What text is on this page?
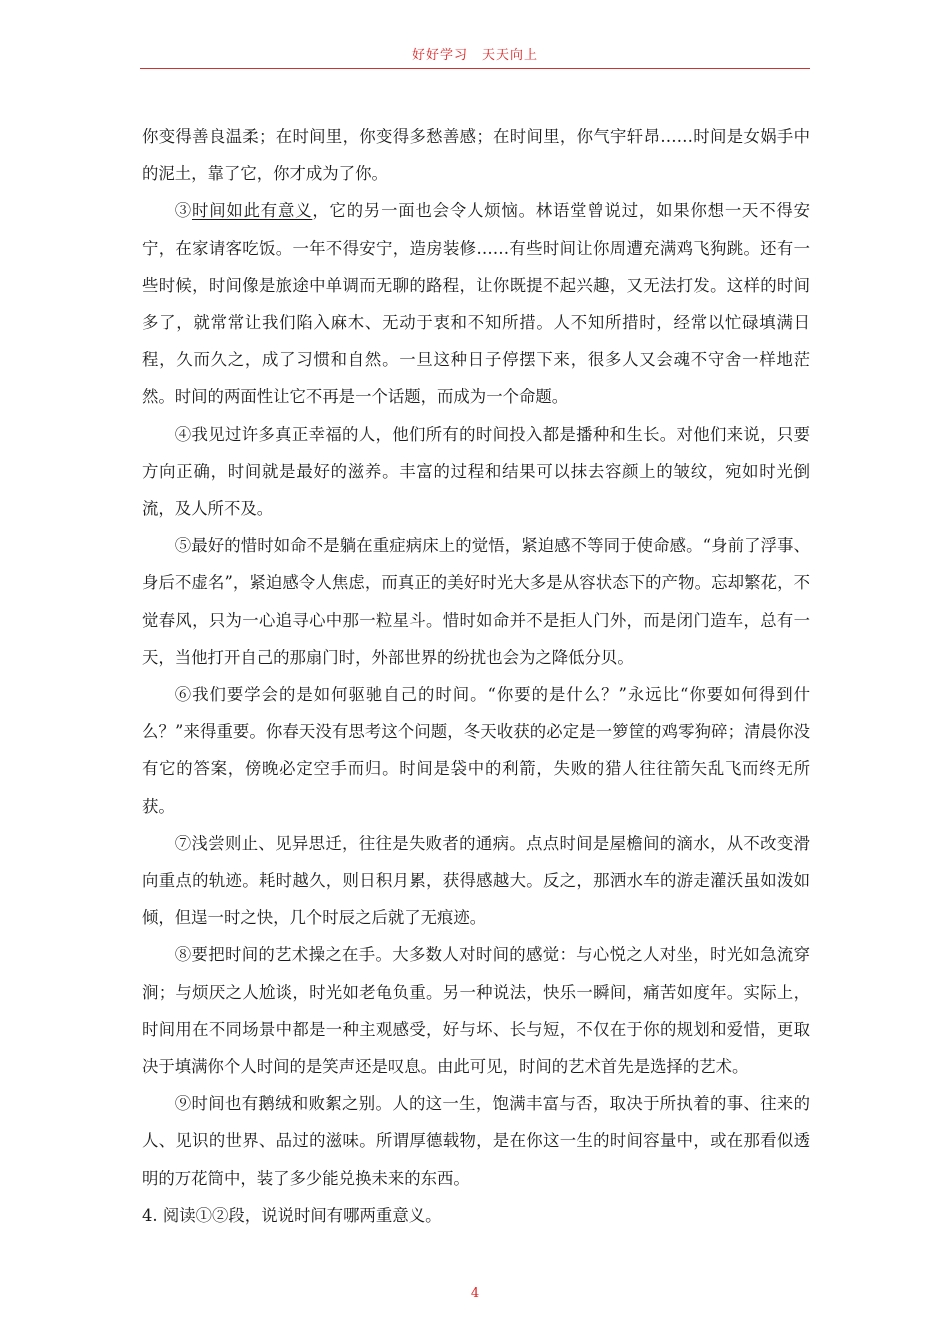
好好学习　天天向上

你变得善良温柔；在时间里，你变得多愁善感；在时间里，你气宇轩昂……时间是女娲手中的泥土，靠了它，你才成为了你。

③时间如此有意义，它的另一面也会令人烦恼。林语堂曾说过，如果你想一天不得安宁，在家请客吃饭。一年不得安宁，造房装修……有些时间让你周遭充满鸡飞狗跳。还有一些时候，时间像是旅途中单调而无聊的路程，让你既提不起兴趣，又无法打发。这样的时间多了，就常常让我们陷入麻木、无动于衷和不知所措。人不知所措时，经常以忙碌填满日程，久而久之，成了习惯和自然。一旦这种日子停摆下来，很多人又会魂不守舍一样地茫然。时间的两面性让它不再是一个话题，而成为一个命题。

④我见过许多真正幸福的人，他们所有的时间投入都是播种和生长。对他们来说，只要方向正确，时间就是最好的滋养。丰富的过程和结果可以抹去容颜上的皱纹，宛如时光倒流，及人所不及。

⑤最好的惜时如命不是躺在重症病床上的觉悟，紧迫感不等同于使命感。“身前了浮事、身后不虚名”，紧迫感令人焦虑，而真正的美好时光大多是从容状态下的产物。忘却繁花，不觉春风，只为一心追寻心中那一粒星斗。惜时如命并不是拒人门外，而是闭门造车，总有一天，当他打开自己的那扇门时，外部世界的纷扰也会为之降低分贝。

⑥我们要学会的是如何驱驰自己的时间。“你要的是什么？”永远比“你要如何得到什么？”来得重要。你春天没有思考这个问题，冬天收获的必定是一箩筐的鸡零狗碎；清晨你没有它的答案，傍晚必定空手而归。时间是袋中的利箭，失败的猎人往往箭矢乱飞而终无所获。

⑦浅尝则止、见异思迁，往往是失败者的通病。点点时间是屋檐间的滴水，从不改变滑向重点的轨迹。耗时越久，则日积月累，获得感越大。反之，那洒水车的游走灌沃虽如泼如倾，但逞一时之快，几个时辰之后就了无痕迹。

⑧要把时间的艺术操之在手。大多数人对时间的感觉：与心悦之人对坐，时光如急流穿涧；与烦厌之人尬谈，时光如老龟负重。另一种说法，快乐一瞬间，痛苦如度年。实际上，时间用在不同场景中都是一种主观感受，好与坏、长与短，不仅在于你的规划和爱惜，更取决于填满你个人时间的是笑声还是叹息。由此可见，时间的艺术首先是选择的艺术。

⑨时间也有鹅绒和败絮之别。人的这一生，饱满丰富与否，取决于所执着的事、往来的人、见识的世界、品过的滋味。所谓厚德载物，是在你这一生的时间容量中，或在那看似透明的万花筒中，装了多少能兑换未来的东西。

4. 阅读①②段，说说时间有哪两重意义。

4
